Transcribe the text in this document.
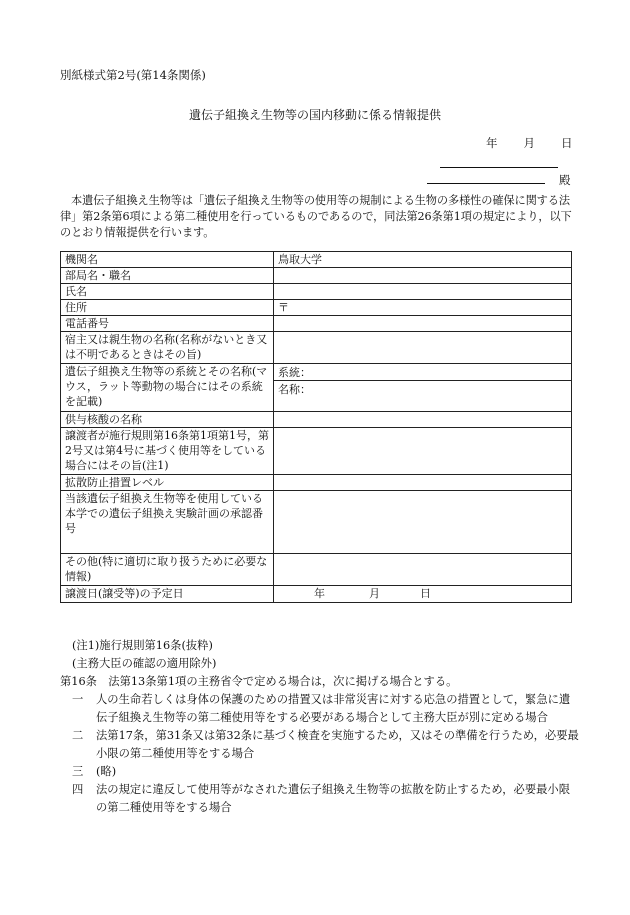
別紙様式第2号(第14条関係)
遺伝子組換え生物等の国内移動に係る情報提供
年 月 日
殿
本遺伝子組換え生物等は「遺伝子組換え生物等の使用等の規制による生物の多様性の確保に関する法律」第2条第6項による第二種使用を行っているものであるので，同法第26条第1項の規定により，以下のとおり情報提供を行います。
機関名	鳥取大学
部局名・職名	
氏名	
住所	〒
電話番号	
宿主又は親生物の名称(名称がないとき又は不明であるときはその旨)	
遺伝子組換え生物等の系統とその名称(マウス，ラット等動物の場合にはその系統を記載)	系統：
名称：

供与核酸の名称	
譲渡者が施行規則第16条第1項第1号，第2号又は第4号に基づく使用等をしている場合にはその旨(注1)	
拡散防止措置レベル	
当該遺伝子組換え生物等を使用している本学での遺伝子組換え実験計画の承認番号	
その他(特に適切に取り扱うために必要な情報)	
譲渡日(譲受等)の予定日	年 月 日
(注1)施行規則第16条(抜粋)
(主務大臣の確認の適用除外)
第16条　法第13条第1項の主務省令で定める場合は，次に掲げる場合とする。
一	人の生命若しくは身体の保護のための措置又は非常災害に対する応急の措置として，緊急に遺伝子組換え生物等の第二種使用等をする必要がある場合として主務大臣が別に定める場合
二	法第17条，第31条又は第32条に基づく検査を実施するため，又はその準備を行うため，必要最小限の第二種使用等をする場合
三	(略)
四	法の規定に違反して使用等がなされた遺伝子組換え生物等の拡散を防止するため，必要最小限の第二種使用等をする場合
